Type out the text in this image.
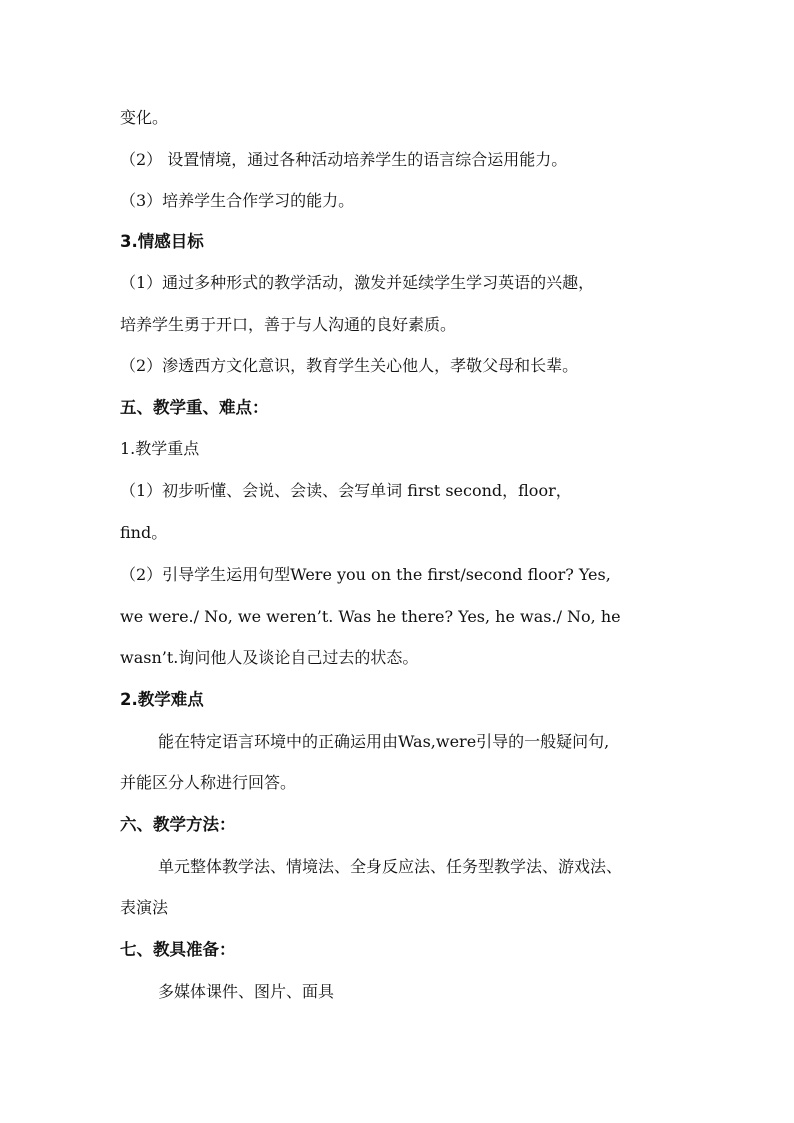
变化。
（2） 设置情境，通过各种活动培养学生的语言综合运用能力。
（3）培养学生合作学习的能力。
3.情感目标
（1）通过多种形式的教学活动，激发并延续学生学习英语的兴趣，
培养学生勇于开口，善于与人沟通的良好素质。
（2）渗透西方文化意识，教育学生关心他人，孝敬父母和长辈。
五、教学重、难点：
1.教学重点
（1）初步听懂、会说、会读、会写单词 first second，floor，
find。
（2）引导学生运用句型Were you on the first/second floor? Yes,
we were./ No, we weren’t. Was he there? Yes, he was./ No, he
wasn’t.询问他人及谈论自己过去的状态。
2.教学难点
能在特定语言环境中的正确运用由Was,were引导的一般疑问句,
并能区分人称进行回答。
六、教学方法：
单元整体教学法、情境法、全身反应法、任务型教学法、游戏法、
表演法
七、教具准备：
多媒体课件、图片、面具
